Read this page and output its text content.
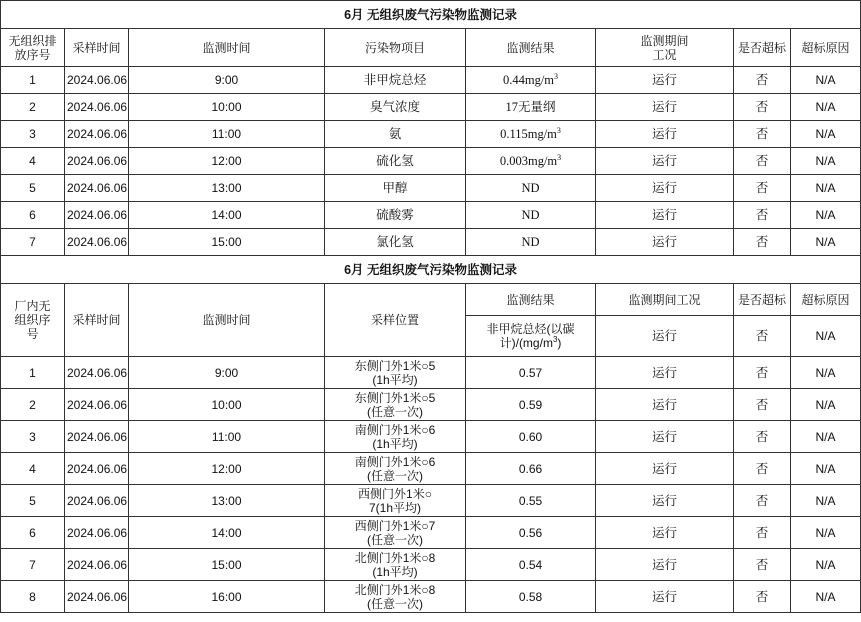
6月 无组织废气污染物监测记录							
无组织排放序号	采样时间	监测时间	污染物项目	监测结果	监测期间工况	是否超标	超标原因
1	2024.06.06	9:00	非甲烷总烃	$0.44mg/m^3$	运行	否	N/A
2	2024.06.06	10:00	臭气浓度	17无量纲	运行	否	N/A
3	2024.06.06	11:00	氨	$0.115mg/m^3$	运行	否	N/A
4	2024.06.06	12:00	硫化氢	$0.003mg/m^3$	运行	否	N/A
5	2024.06.06	13:00	甲醇	ND	运行	否	N/A
6	2024.06.06	14:00	硫酸雾	ND	运行	否	N/A
7	2024.06.06	15:00	氯化氢	ND	运行	否	N/A
6月 无组织废气污染物监测记录							
厂内无组织序号	采样时间	监测时间	采样位置	监测结果	监测期间工况	是否超标	超标原因
				非甲烷总烃(以碳计)$/(mg/m^3)$	运行	否	N/A
1	2024.06.06	9:00	东侧门外1米○5
(1h平均)	0.57	运行	否	N/A
2	2024.06.06	10:00	东侧门外1米○5
(任意一次)	0.59	运行	否	N/A
3	2024.06.06	11:00	南侧门外1米○6
(1h平均)	0.60	运行	否	N/A
4	2024.06.06	12:00	南侧门外1米○6
(任意一次)	0.66	运行	否	N/A
5	2024.06.06	13:00	西侧门外1米○
7(1h平均)	0.55	运行	否	N/A
6	2024.06.06	14:00	西侧门外1米○7
(任意一次)	0.56	运行	否	N/A
7	2024.06.06	15:00	北侧门外1米○8
(1h平均)	0.54	运行	否	N/A
8	2024.06.06	16:00	北侧门外1米○8
(任意一次)	0.58	运行	否	N/A
